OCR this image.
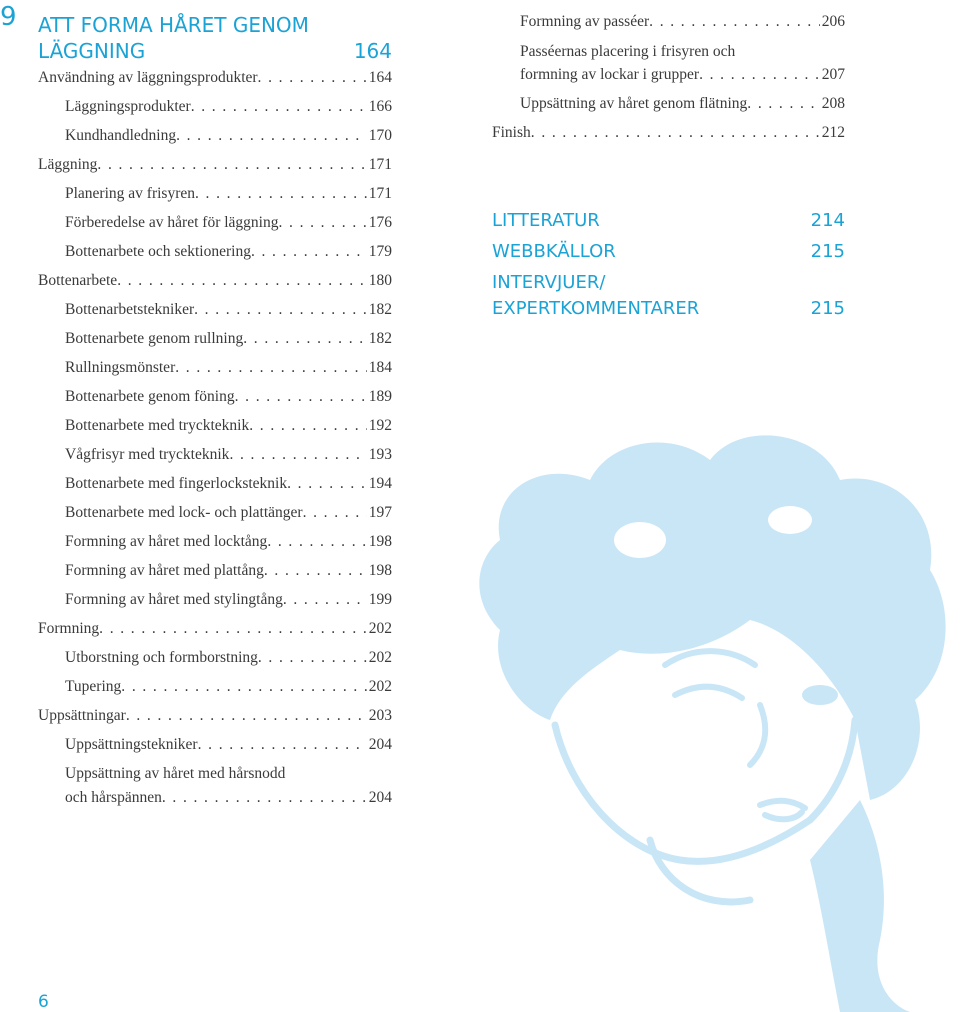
9 ATT FORMA HÅRET GENOM
LÄGGNING	164
Användning av läggningsprodukter . . .	164
Läggningsprodukter . . .	166
Kundhandledning . . .	170
Läggning . . .	171
Planering av frisyren . . .	171
Förberedelse av håret för läggning . . .	176
Bottenarbete och sektionering . . .	179
Bottenarbete . . .	180
Bottenarbetstekniker . . .	182
Bottenarbete genom rullning . . .	182
Rullningsmönster . . .	184
Bottenarbete genom föning . . .	189
Bottenarbete med tryckteknik . . .	192
Vågfrisyr med tryckteknik . . .	193
Bottenarbete med fingerlocksteknik . . .	194
Bottenarbete med lock- och plattänger . . .	197
Formning av håret med locktång . . .	198
Formning av håret med plattång . . .	198
Formning av håret med stylingtång . . .	199
Formning . . .	202
Utborstning och formborstning . . .	202
Tupering . . .	202
Uppsättningar . . .	203
Uppsättningstekniker . . .	204
Uppsättning av håret med hårsnodd
och hårspännen . . .	204
Formning av passéer . . .	206
Passéernas placering i frisyren och
formning av lockar i grupper . . .	207
Uppsättning av håret genom flätning . . .	208
Finish . . .	212
LITTERATUR	214
WEBBKÄLLOR	215
INTERVJUER/
EXPERTKOMMENTARER	215
6
